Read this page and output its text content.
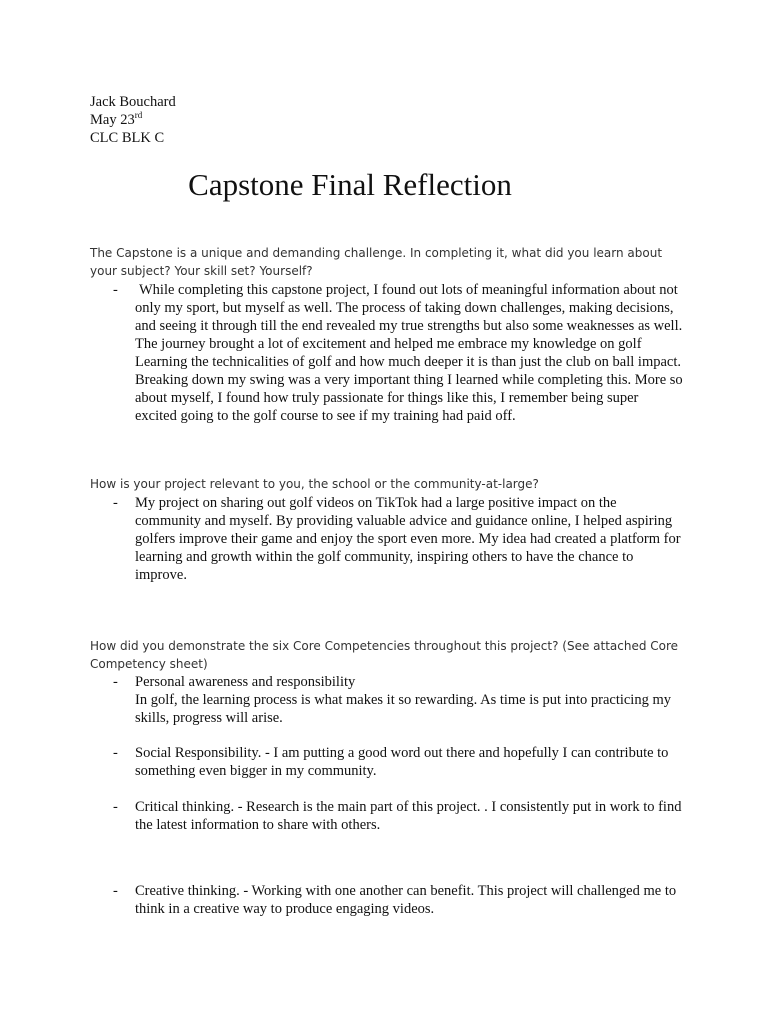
Jack Bouchard
May 23rd
CLC BLK C
Capstone Final Reflection
The Capstone is a unique and demanding challenge. In completing it, what did you learn about your subject? Your skill set? Yourself?
- While completing this capstone project, I found out lots of meaningful information about not only my sport, but myself as well. The process of taking down challenges, making decisions, and seeing it through till the end revealed my true strengths but also some weaknesses as well. The journey brought a lot of excitement and helped me embrace my knowledge on golf Learning the technicalities of golf and how much deeper it is than just the club on ball impact. Breaking down my swing was a very important thing I learned while completing this. More so about myself, I found how truly passionate for things like this, I remember being super excited going to the golf course to see if my training had paid off.
How is your project relevant to you, the school or the community-at-large?
- My project on sharing out golf videos on TikTok had a large positive impact on the community and myself. By providing valuable advice and guidance online, I helped aspiring golfers improve their game and enjoy the sport even more. My idea had created a platform for learning and growth within the golf community, inspiring others to have the chance to improve.
How did you demonstrate the six Core Competencies throughout this project? (See attached Core Competency sheet)
- Personal awareness and responsibility
In golf, the learning process is what makes it so rewarding. As time is put into practicing my skills, progress will arise.
- Social Responsibility. - I am putting a good word out there and hopefully I can contribute to something even bigger in my community.
- Critical thinking. - Research is the main part of this project. . I consistently put in work to find the latest information to share with others.
- Creative thinking. - Working with one another can benefit. This project will challenged me to think in a creative way to produce engaging videos.
